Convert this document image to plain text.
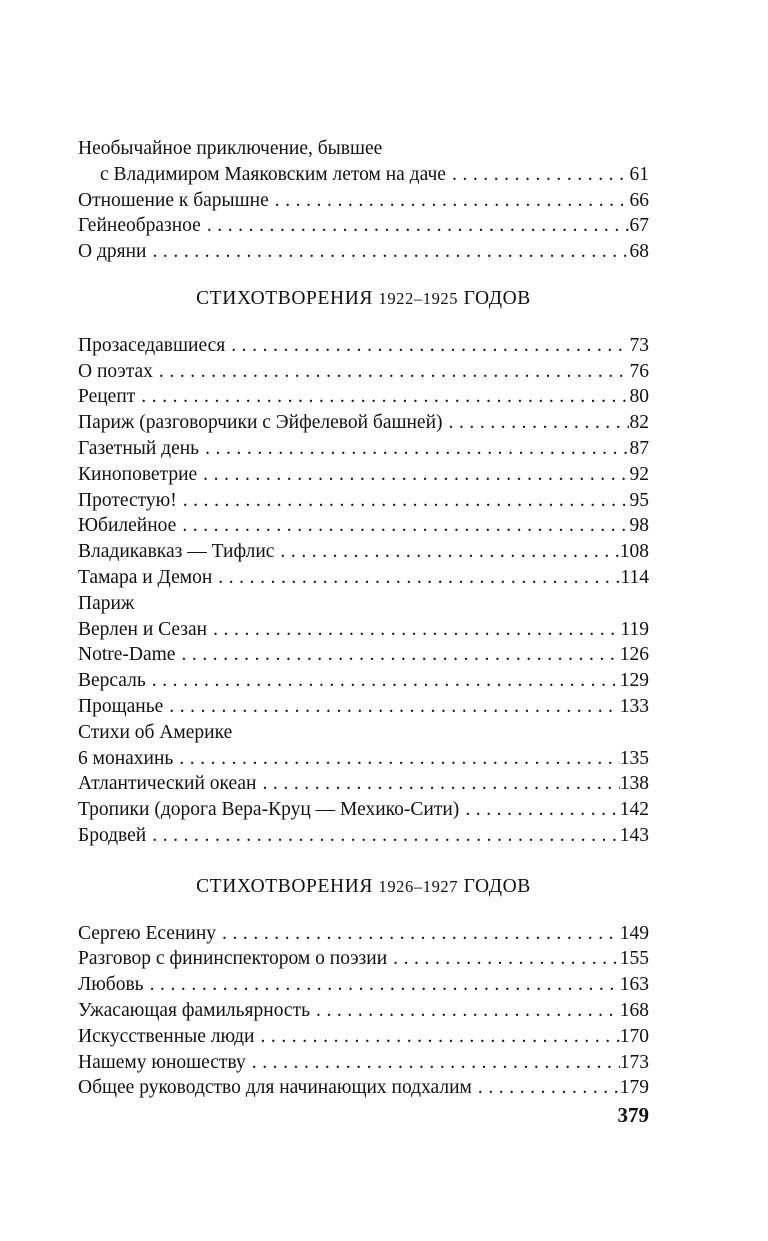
Необычайное приключение, бывшее
с Владимиром Маяковским летом на даче . . .	61
Отношение к барышне . . .	66
Гейнеобразное . . .	67
О дряни . . .	68
СТИХОТВОРЕНИЯ 1922–1925 ГОДОВ
Прозаседавшиеся . . .	73
О поэтах . . .	76
Рецепт . . .	80
Париж (разговорчики с Эйфелевой башней) . . .	82
Газетный день . . .	87
Киноповетрие . . .	92
Протестую! . . .	95
Юбилейное . . .	98
Владикавказ — Тифлис . . .	108
Тамара и Демон . . .	114
Париж
Верлен и Сезан . . .	119
Notre-Dame . . .	126
Версаль . . .	129
Прощанье . . .	133
Стихи об Америке
6 монахинь . . .	135
Атлантический океан . . .	138
Тропики (дорога Вера-Круц — Мехико-Сити) . . .	142
Бродвей . . .	143
СТИХОТВОРЕНИЯ 1926–1927 ГОДОВ
Сергею Есенину . . .	149
Разговор с фининспектором о поэзии . . .	155
Любовь . . .	163
Ужасающая фамильярность . . .	168
Искусственные люди . . .	170
Нашему юношеству . . .	173
Общее руководство для начинающих подхалим . . .	179
379
